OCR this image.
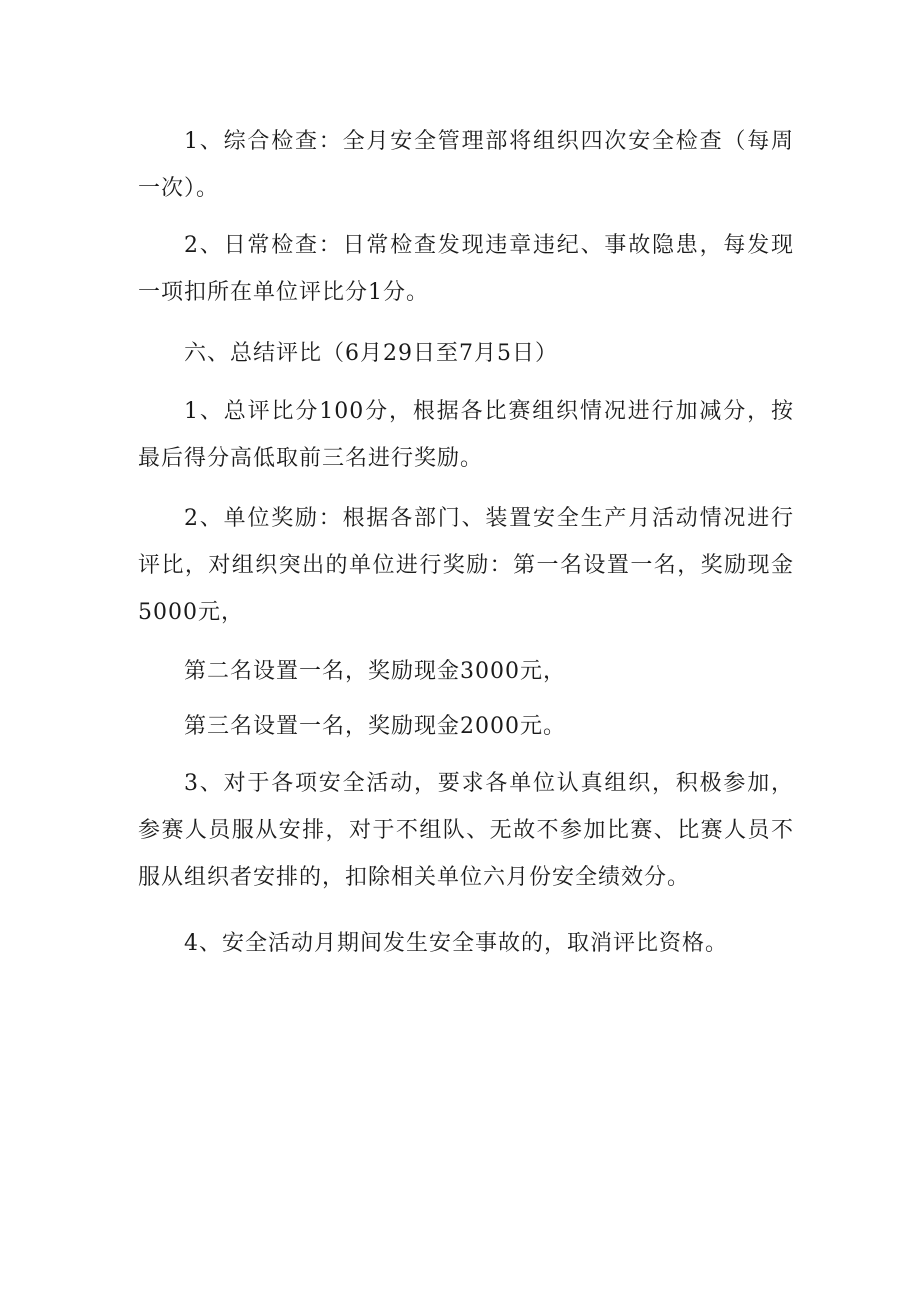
1、综合检查：全月安全管理部将组织四次安全检查（每周一次）。

2、日常检查：日常检查发现违章违纪、事故隐患，每发现一项扣所在单位评比分1分。

六、总结评比（6月29日至7月5日）

1、总评比分100分，根据各比赛组织情况进行加减分，按最后得分高低取前三名进行奖励。

2、单位奖励：根据各部门、装置安全生产月活动情况进行评比，对组织突出的单位进行奖励：第一名设置一名，奖励现金5000元，

第二名设置一名，奖励现金3000元，

第三名设置一名，奖励现金2000元。

3、对于各项安全活动，要求各单位认真组织，积极参加，参赛人员服从安排，对于不组队、无故不参加比赛、比赛人员不服从组织者安排的，扣除相关单位六月份安全绩效分。

4、安全活动月期间发生安全事故的，取消评比资格。
